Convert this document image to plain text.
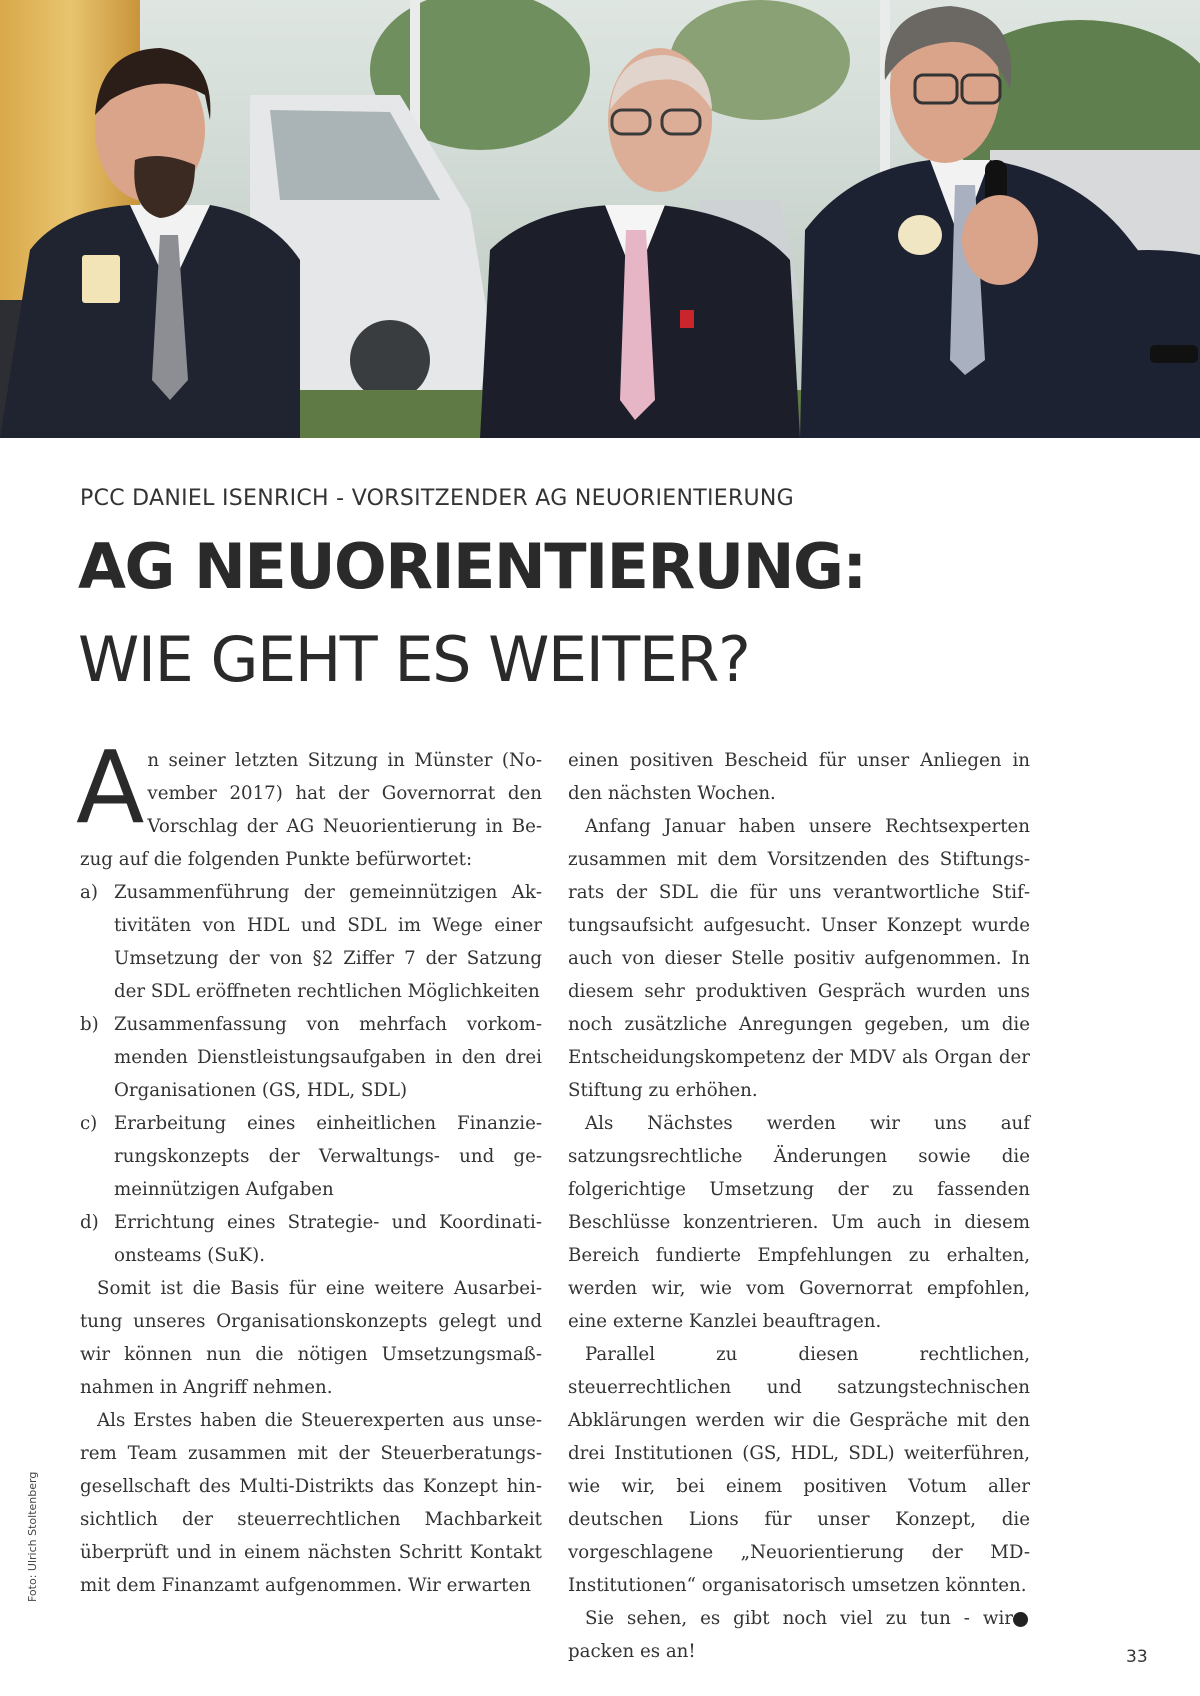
PCC DANIEL ISENRICH - VORSITZENDER AG NEUORIENTIERUNG
AG NEUORIENTIERUNG:
WIE GEHT ES WEITER?

An seiner letzten Sitzung in Münster (November 2017) hat der Governorrat den Vorschlag der AG Neuorientierung in Bezug auf die folgenden Punkte befürwortet:

a) Zusammenführung der gemeinnützigen Aktivitäten von HDL und SDL im Wege einer Umsetzung der von §2 Ziffer 7 der Satzung der SDL eröffneten rechtlichen Möglichkeiten
b) Zusammenfassung von mehrfach vorkommenden Dienstleistungsaufgaben in den drei Organisationen (GS, HDL, SDL)
c) Erarbeitung eines einheitlichen Finanzierungskonzepts der Verwaltungs- und gemeinnützigen Aufgaben
d) Errichtung eines Strategie- und Koordinationsteams (SuK).

Somit ist die Basis für eine weitere Ausarbeitung unseres Organisationskonzepts gelegt und wir können nun die nötigen Umsetzungsmaßnahmen in Angriff nehmen.

Als Erstes haben die Steuerexperten aus unserem Team zusammen mit der Steuerberatungsgesellschaft des Multi-Distrikts das Konzept hinsichtlich der steuerrechtlichen Machbarkeit überprüft und in einem nächsten Schritt Kontakt mit dem Finanzamt aufgenommen. Wir erwarten

einen positiven Bescheid für unser Anliegen in den nächsten Wochen.

Anfang Januar haben unsere Rechtsexperten zusammen mit dem Vorsitzenden des Stiftungsrats der SDL die für uns verantwortliche Stiftungsaufsicht aufgesucht. Unser Konzept wurde auch von dieser Stelle positiv aufgenommen. In diesem sehr produktiven Gespräch wurden uns noch zusätzliche Anregungen gegeben, um die Entscheidungskompetenz der MDV als Organ der Stiftung zu erhöhen.

Als Nächstes werden wir uns auf satzungsrechtliche Änderungen sowie die folgerichtige Umsetzung der zu fassenden Beschlüsse konzentrieren. Um auch in diesem Bereich fundierte Empfehlungen zu erhalten, werden wir, wie vom Governorrat empfohlen, eine externe Kanzlei beauftragen.

Parallel zu diesen rechtlichen, steuerrechtlichen und satzungstechnischen Abklärungen werden wir die Gespräche mit den drei Institutionen (GS, HDL, SDL) weiterführen, wie wir, bei einem positiven Votum aller deutschen Lions für unser Konzept, die vorgeschlagene „Neuorientierung der MD-Institutionen“ organisatorisch umsetzen könnten.

L
Sie sehen, es gibt noch viel zu tun - wir packen es an!

Foto: Ulrich Stoltenberg
33
